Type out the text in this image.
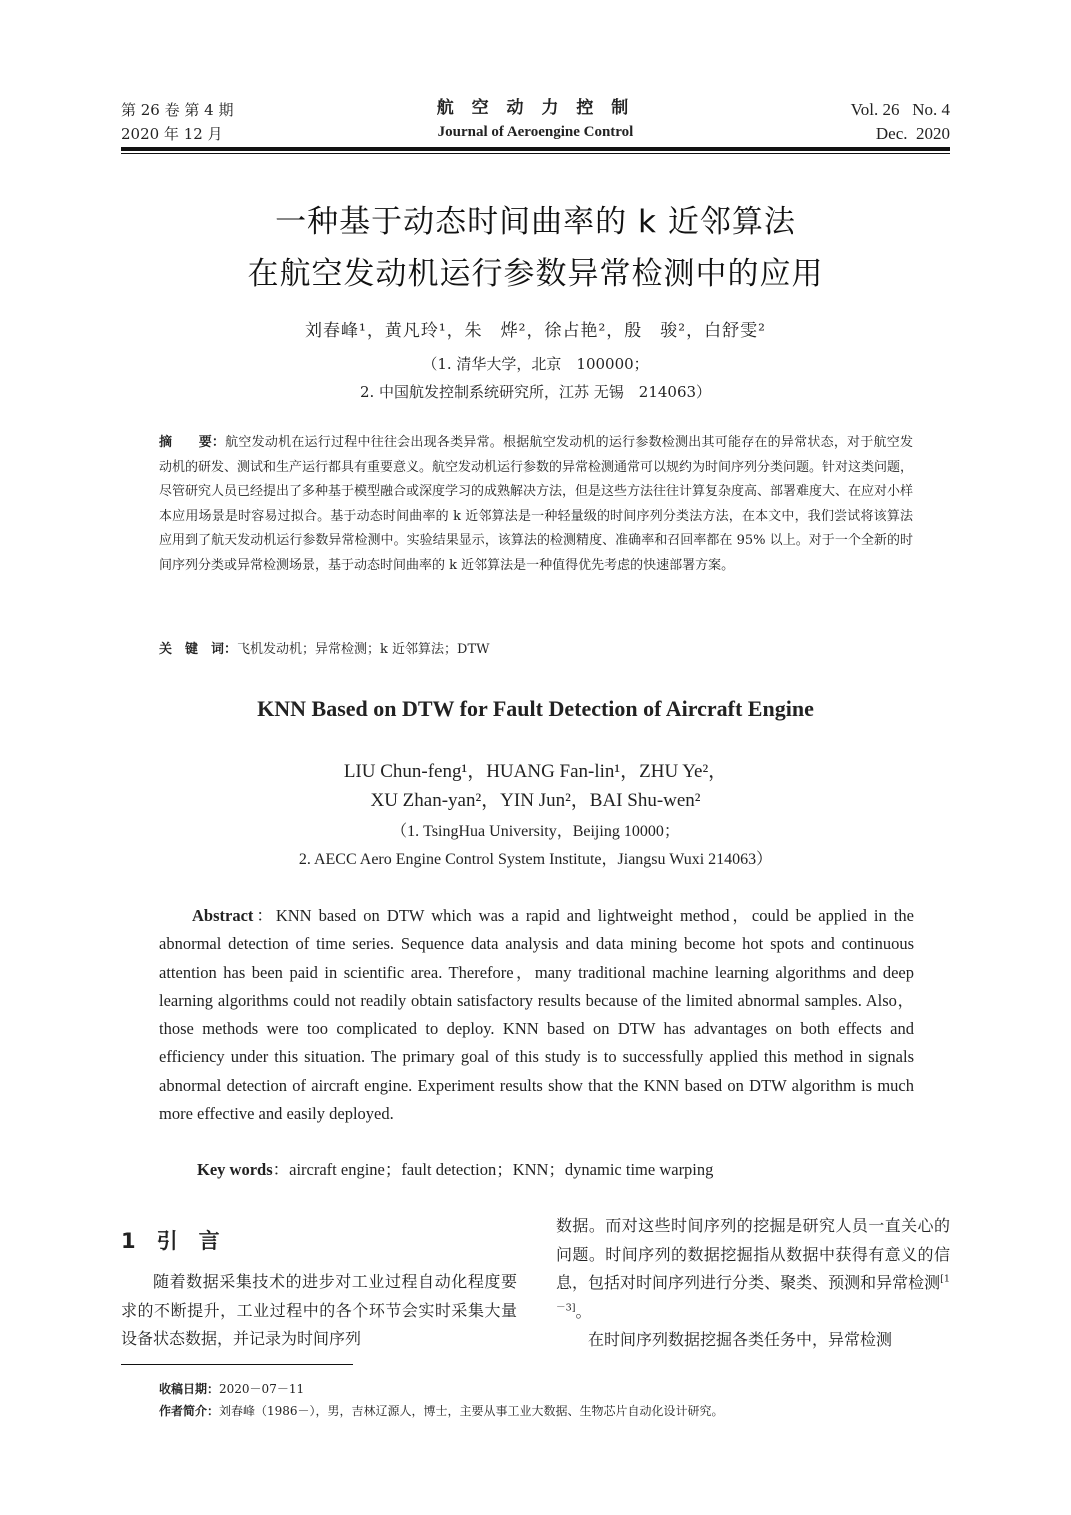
第 26 卷 第 4 期
2020 年 12 月
航 空 动 力 控 制
Journal of Aeroengine Control
Vol. 26   No. 4
Dec.  2020
一种基于动态时间曲率的 k 近邻算法
在航空发动机运行参数异常检测中的应用
刘春峰¹，黄凡玲¹，朱　烨²，徐占艳²，殷　骏²，白舒雯²
（1. 清华大学，北京　100000；
2. 中国航发控制系统研究所，江苏 无锡　214063）
摘　　要：航空发动机在运行过程中往往会出现各类异常。根据航空发动机的运行参数检测出其可能存在的异常状态，对于航空发动机的研发、测试和生产运行都具有重要意义。航空发动机运行参数的异常检测通常可以规约为时间序列分类问题。针对这类问题，尽管研究人员已经提出了多种基于模型融合或深度学习的成熟解决方法，但是这些方法往往计算复杂度高、部署难度大、在应对小样本应用场景是时容易过拟合。基于动态时间曲率的 k 近邻算法是一种轻量级的时间序列分类法方法，在本文中，我们尝试将该算法应用到了航天发动机运行参数异常检测中。实验结果显示，该算法的检测精度、准确率和召回率都在 95% 以上。对于一个全新的时间序列分类或异常检测场景，基于动态时间曲率的 k 近邻算法是一种值得优先考虑的快速部署方案。
关　键　词：飞机发动机；异常检测；k 近邻算法；DTW
KNN Based on DTW for Fault Detection of Aircraft Engine
LIU Chun-feng¹，HUANG Fan-lin¹，ZHU Ye²，
XU Zhan-yan²，YIN Jun²，BAI Shu-wen²
（1. TsingHua University，Beijing 10000；
2. AECC Aero Engine Control System Institute，Jiangsu Wuxi 214063）
Abstract：KNN based on DTW which was a rapid and lightweight method，could be applied in the abnormal detection of time series. Sequence data analysis and data mining become hot spots and continuous attention has been paid in scientific area. Therefore，many traditional machine learning algorithms and deep learning algorithms could not readily obtain satisfactory results because of the limited abnormal samples. Also，those methods were too complicated to deploy. KNN based on DTW has advantages on both effects and efficiency under this situation. The primary goal of this study is to successfully applied this method in signals abnormal detection of aircraft engine. Experiment results show that the KNN based on DTW algorithm is much more effective and easily deployed.
Key words：aircraft engine；fault detection；KNN；dynamic time warping
1　引　言
随着数据采集技术的进步对工业过程自动化程度要求的不断提升，工业过程中的各个环节会实时采集大量设备状态数据，并记录为时间序列
数据。而对这些时间序列的挖掘是研究人员一直关心的问题。时间序列的数据挖掘指从数据中获得有意义的信息，包括对时间序列进行分类、聚类、预测和异常检测[1－3]。
在时间序列数据挖掘各类任务中，异常检测
收稿日期：2020－07－11
作者简介：刘春峰（1986－），男，吉林辽源人，博士，主要从事工业大数据、生物芯片自动化设计研究。
